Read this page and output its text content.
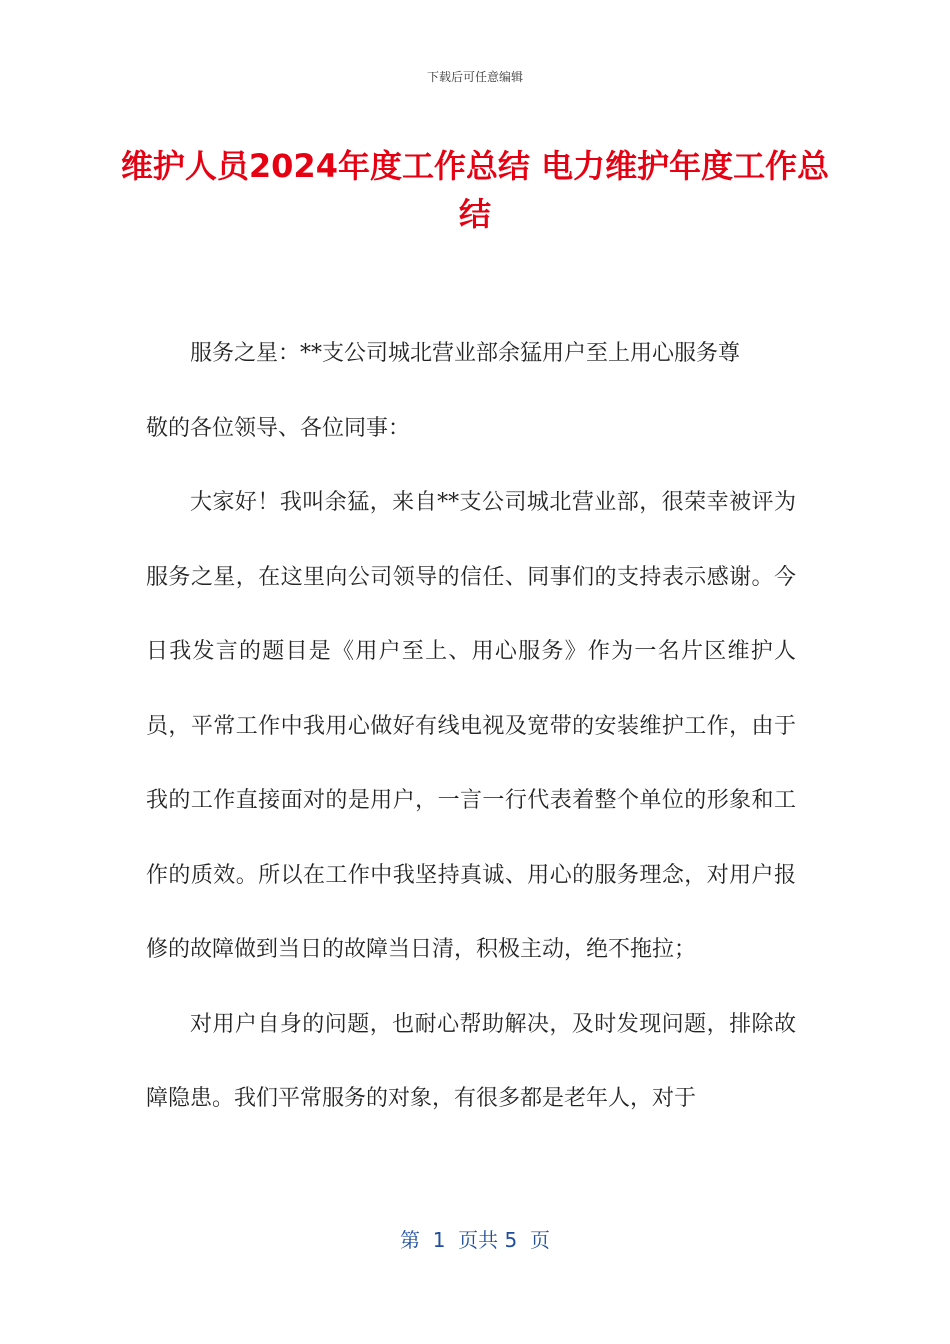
下载后可任意编辑
维护人员2024年度工作总结 电力维护年度工作总结

服务之星：**支公司城北营业部余猛用户至上用心服务尊

敬的各位领导、各位同事：

大家好！我叫余猛，来自**支公司城北营业部，很荣幸被评为服务之星，在这里向公司领导的信任、同事们的支持表示感谢。今日我发言的题目是《用户至上、用心服务》作为一名片区维护人员，平常工作中我用心做好有线电视及宽带的安装维护工作，由于我的工作直接面对的是用户，一言一行代表着整个单位的形象和工作的质效。所以在工作中我坚持真诚、用心的服务理念，对用户报修的故障做到当日的故障当日清，积极主动，绝不拖拉；

对用户自身的问题，也耐心帮助解决，及时发现问题，排除故障隐患。我们平常服务的对象，有很多都是老年人，对于

第  1  页共 5  页
